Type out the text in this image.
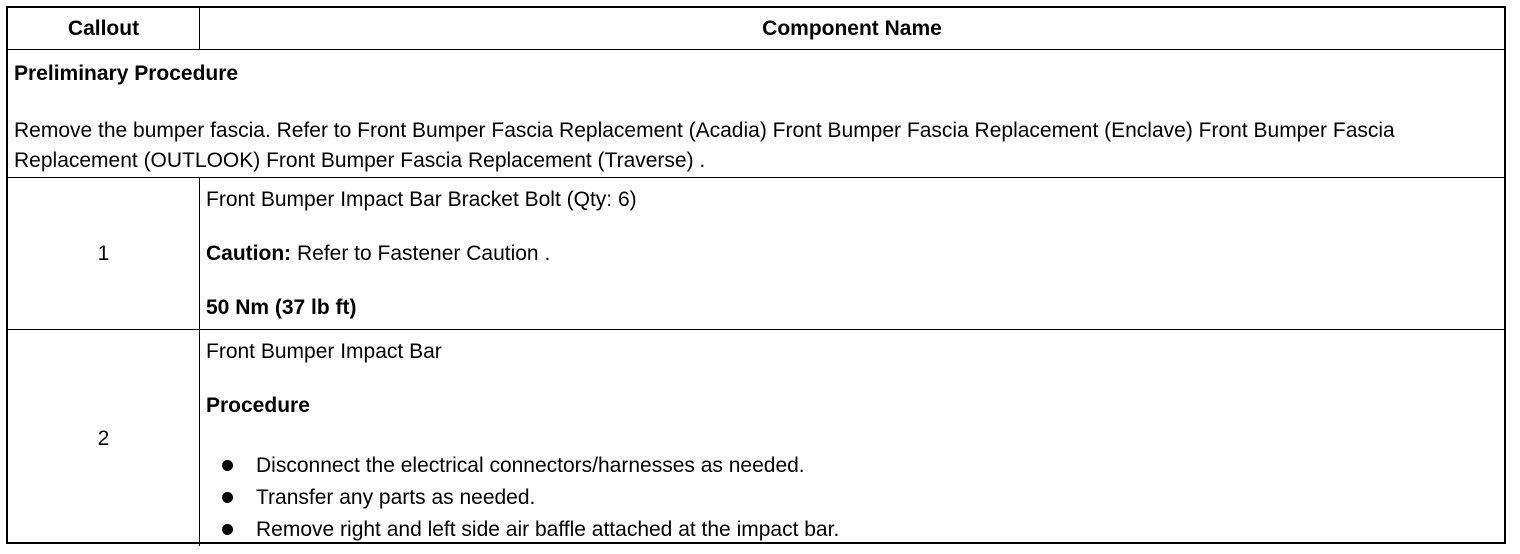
Callout	Component Name
Preliminary Procedure
Remove the bumper fascia. Refer to Front Bumper Fascia Replacement (Acadia) Front Bumper Fascia Replacement (Enclave) Front Bumper Fascia Replacement (OUTLOOK) Front Bumper Fascia Replacement (Traverse) .
1
Front Bumper Impact Bar Bracket Bolt (Qty: 6)
Caution: Refer to Fastener Caution .
50 Nm (37 lb ft)
2
Front Bumper Impact Bar
Procedure
Disconnect the electrical connectors/harnesses as needed.
Transfer any parts as needed.
Remove right and left side air baffle attached at the impact bar.
